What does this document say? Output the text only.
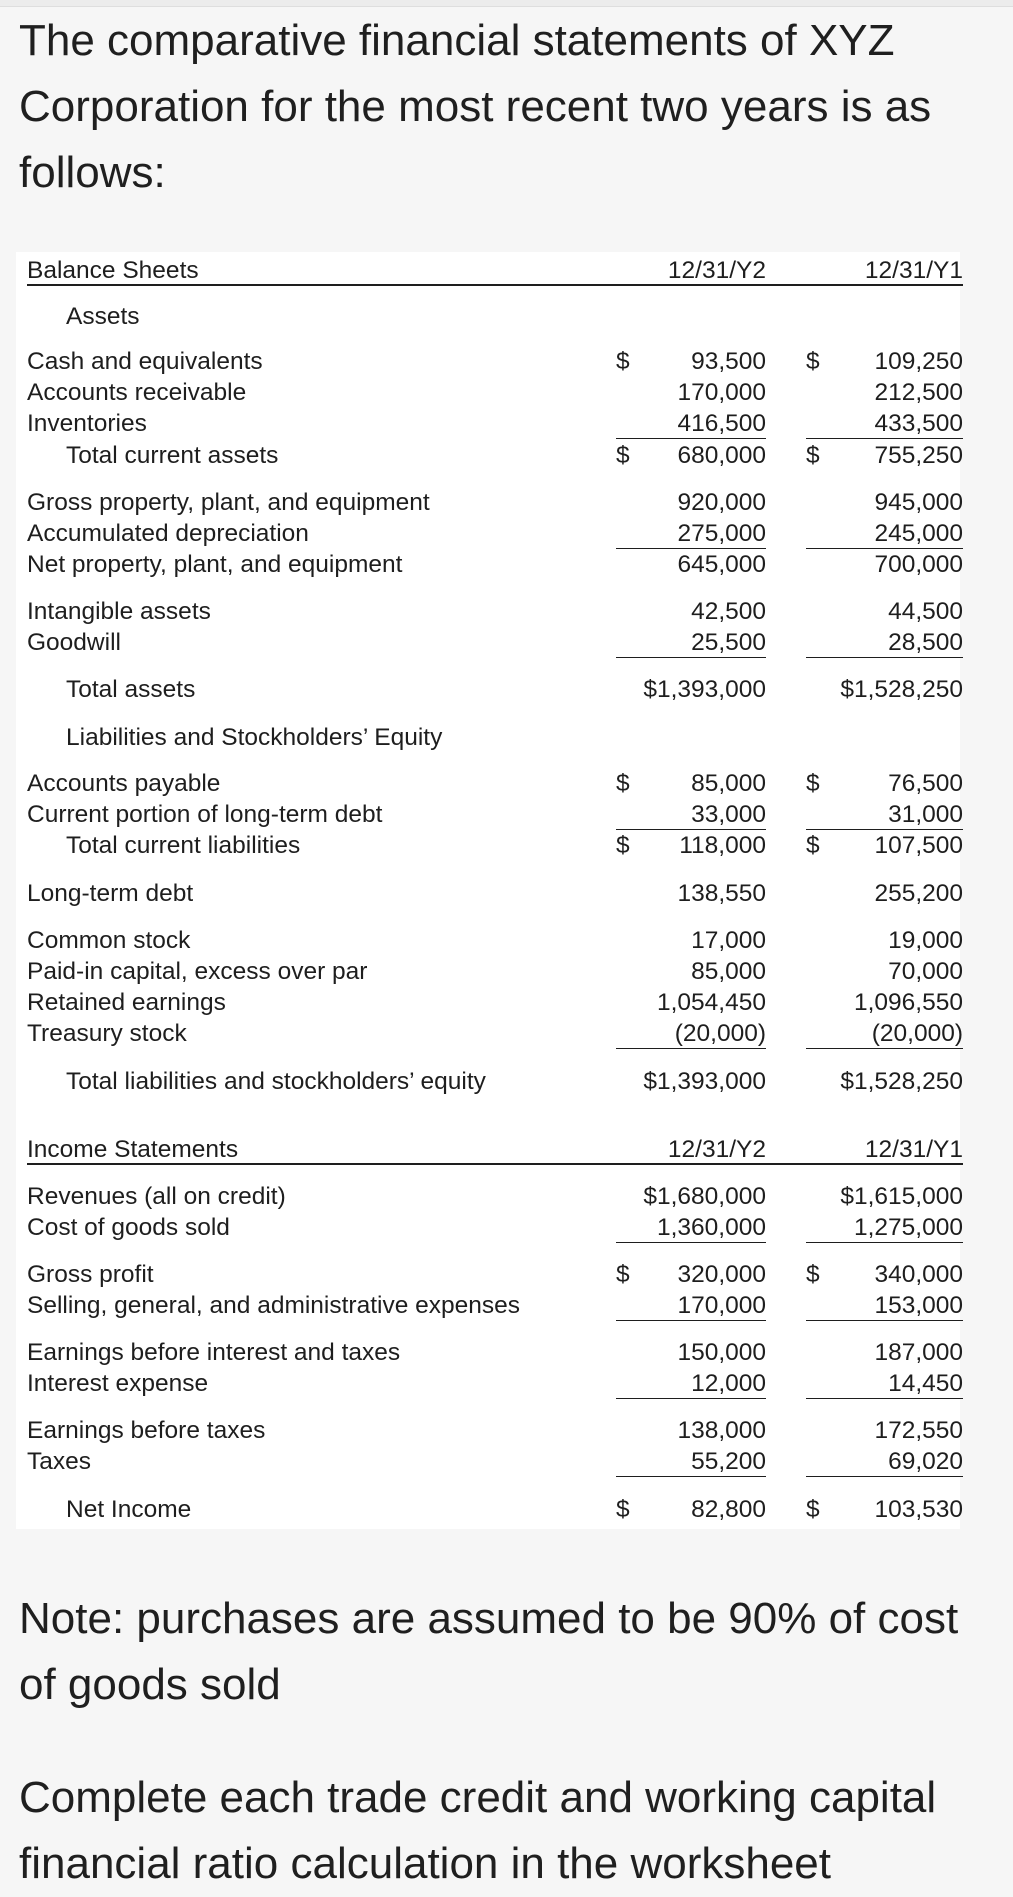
The comparative financial statements of XYZ Corporation for the most recent two years is as follows:
Balance Sheets	12/31/Y2	12/31/Y1
Assets
Cash and equivalents	$	93,500 $ 109,250
Accounts receivable	170,000	212,500
Inventories	416,500	433,500
Total current assets	$ 680,000 $ 755,250
Gross property, plant, and equipment	920,000	945,000
Accumulated depreciation	275,000	245,000
Net property, plant, and equipment	645,000	700,000
Intangible assets	42,500	44,500
Goodwill	25,500	28,500
Total assets	$1,393,000	$1,528,250
Liabilities and Stockholders’ Equity
Accounts payable	$	85,000 $	76,500
Current portion of long-term debt	33,000	31,000
Total current liabilities	$ 118,000 $ 107,500
Long-term debt	138,550	255,200
Common stock	17,000	19,000
Paid-in capital, excess over par	85,000	70,000
Retained earnings	1,054,450	1,096,550
Treasury stock	(20,000)	(20,000)
Total liabilities and stockholders’ equity	$1,393,000	$1,528,250
Income Statements	12/31/Y2	12/31/Y1
Revenues (all on credit)	$1,680,000	$1,615,000
Cost of goods sold	1,360,000	1,275,000
Gross profit	$ 320,000 $ 340,000
Selling, general, and administrative expenses	170,000	153,000
Earnings before interest and taxes	150,000	187,000
Interest expense	12,000	14,450
Earnings before taxes	138,000	172,550
Taxes	55,200	69,020
Net Income	$	82,800 $ 103,530
Note: purchases are assumed to be 90% of cost of goods sold
Complete each trade credit and working capital financial ratio calculation in the worksheet
